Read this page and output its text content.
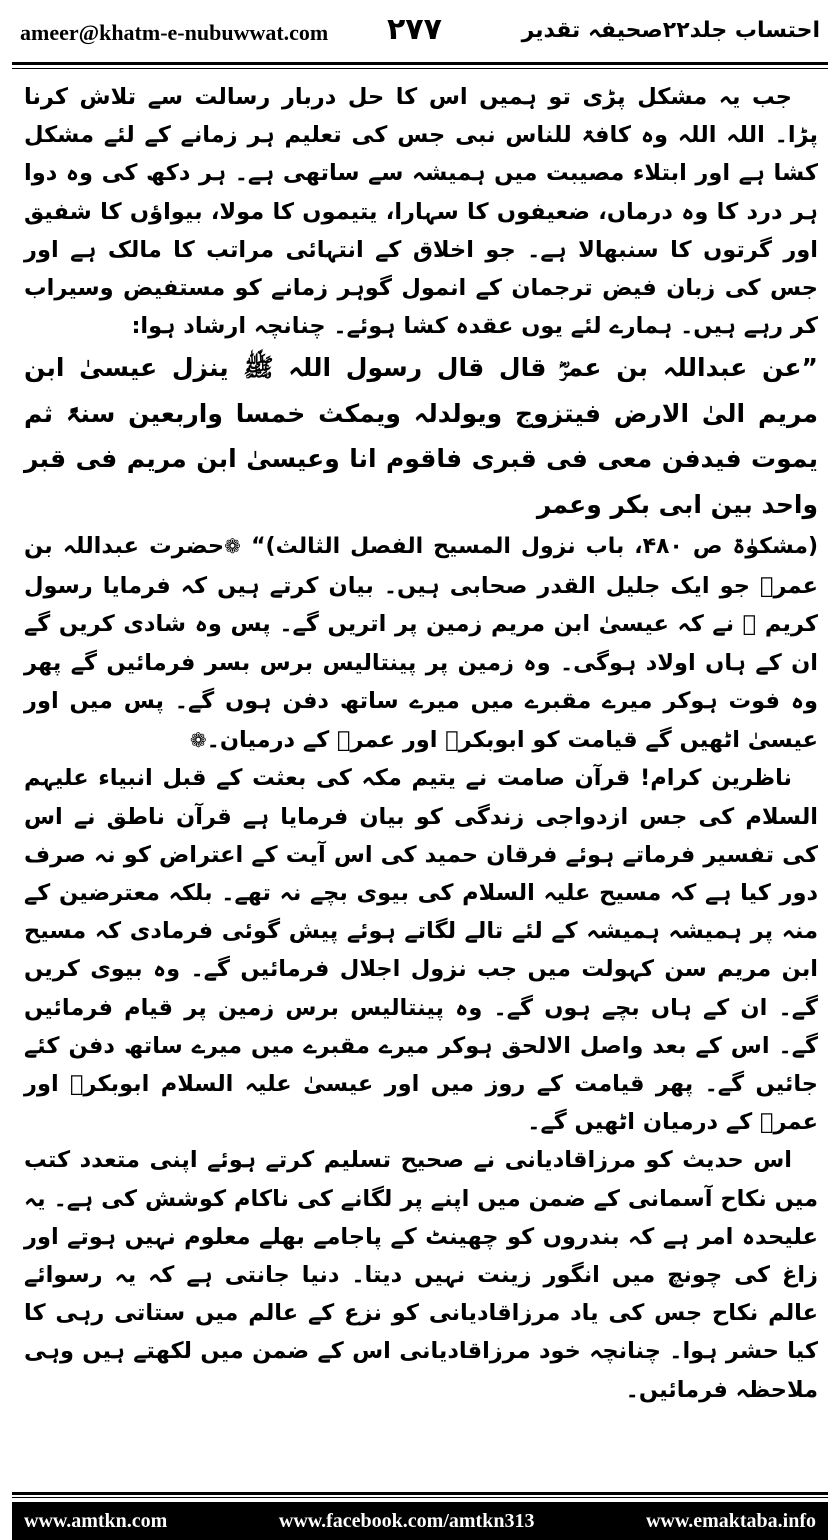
ameer@khatm-e-nubuwwat.com ۲۷۷	احتساب جلد۲۲صحیفہ تقدیر

جب یہ مشکل پڑی تو ہمیں اس کا حل دربار رسالت سے تلاش کرنا پڑا۔ اللہ اللہ وہ کافۃ للناس نبی جس کی تعلیم ہر زمانے کے لئے مشکل کشا ہے اور ابتلاء مصیبت میں ہمیشہ سے ساتھی ہے۔ ہر دکھ کی وہ دوا ہر درد کا وہ درماں، ضعیفوں کا سہارا، یتیموں کا مولا، بیواؤں کا شفیق اور گرتوں کا سنبھالا ہے۔ جو اخلاق کے انتہائی مراتب کا مالک ہے اور جس کی زبان فیض ترجمان کے انمول گوہر زمانے کو مستفیض وسیراب کر رہے ہیں۔ ہمارے لئے یوں عقدہ کشا ہوئے۔ چنانچہ ارشاد ہوا:

”عن عبداللہ بن عمرؓ قال قال رسول اللہ ﷺ ینزل عیسیٰ ابن مریم الیٰ الارض فیتزوج ویولدلہ ویمکث خمسا واربعین سنۃً ثم یموت فیدفن معی فی قبری فاقوم انا وعیسیٰ ابن مریم فی قبر واحد بین ابی بکر وعمر

(مشکوٰۃ ص ۴۸۰، باب نزول المسیح الفصل الثالث)“ ❁حضرت عبداللہ بن عمرؓ جو ایک جلیل القدر صحابی ہیں۔ بیان کرتے ہیں کہ فرمایا رسول کریم ﷺ نے کہ عیسیٰ ابن مریم زمین پر اتریں گے۔ پس وہ شادی کریں گے ان کے ہاں اولاد ہوگی۔ وہ زمین پر پینتالیس برس بسر فرمائیں گے پھر وہ فوت ہوکر میرے مقبرے میں میرے ساتھ دفن ہوں گے۔ پس میں اور عیسیٰ اٹھیں گے قیامت کو ابوبکرؓ اور عمرؓ کے درمیان۔❁

ناظرین کرام! قرآن صامت نے یتیم مکہ کی بعثت کے قبل انبیاء علیہم السلام کی جس ازدواجی زندگی کو بیان فرمایا ہے قرآن ناطق نے اس کی تفسیر فرماتے ہوئے فرقان حمید کی اس آیت کے اعتراض کو نہ صرف دور کیا ہے کہ مسیح علیہ السلام کی بیوی بچے نہ تھے۔ بلکہ معترضین کے منہ پر ہمیشہ ہمیشہ کے لئے تالے لگاتے ہوئے پیش گوئی فرمادی کہ مسیح ابن مریم سن کہولت میں جب نزول اجلال فرمائیں گے۔ وہ بیوی کریں گے۔ ان کے ہاں بچے ہوں گے۔ وہ پینتالیس برس زمین پر قیام فرمائیں گے۔ اس کے بعد واصل الالحق ہوکر میرے مقبرے میں میرے ساتھ دفن کئے جائیں گے۔ پھر قیامت کے روز میں اور عیسیٰ علیہ السلام ابوبکرؓ اور عمرؓ کے درمیان اٹھیں گے۔

اس حدیث کو مرزاقادیانی نے صحیح تسلیم کرتے ہوئے اپنی متعدد کتب میں نکاح آسمانی کے ضمن میں اپنے پر لگانے کی ناکام کوشش کی ہے۔ یہ علیحدہ امر ہے کہ بندروں کو چھینٹ کے پاجامے بھلے معلوم نہیں ہوتے اور زاغ کی چونچ میں انگور زینت نہیں دیتا۔ دنیا جانتی ہے کہ یہ رسوائے عالم نکاح جس کی یاد مرزاقادیانی کو نزع کے عالم میں ستاتی رہی کا کیا حشر ہوا۔ چنانچہ خود مرزاقادیانی اس کے ضمن میں لکھتے ہیں وہی ملاحظہ فرمائیں۔

www.amtkn.com	www.facebook.com/amtkn313	www.emaktaba.info
